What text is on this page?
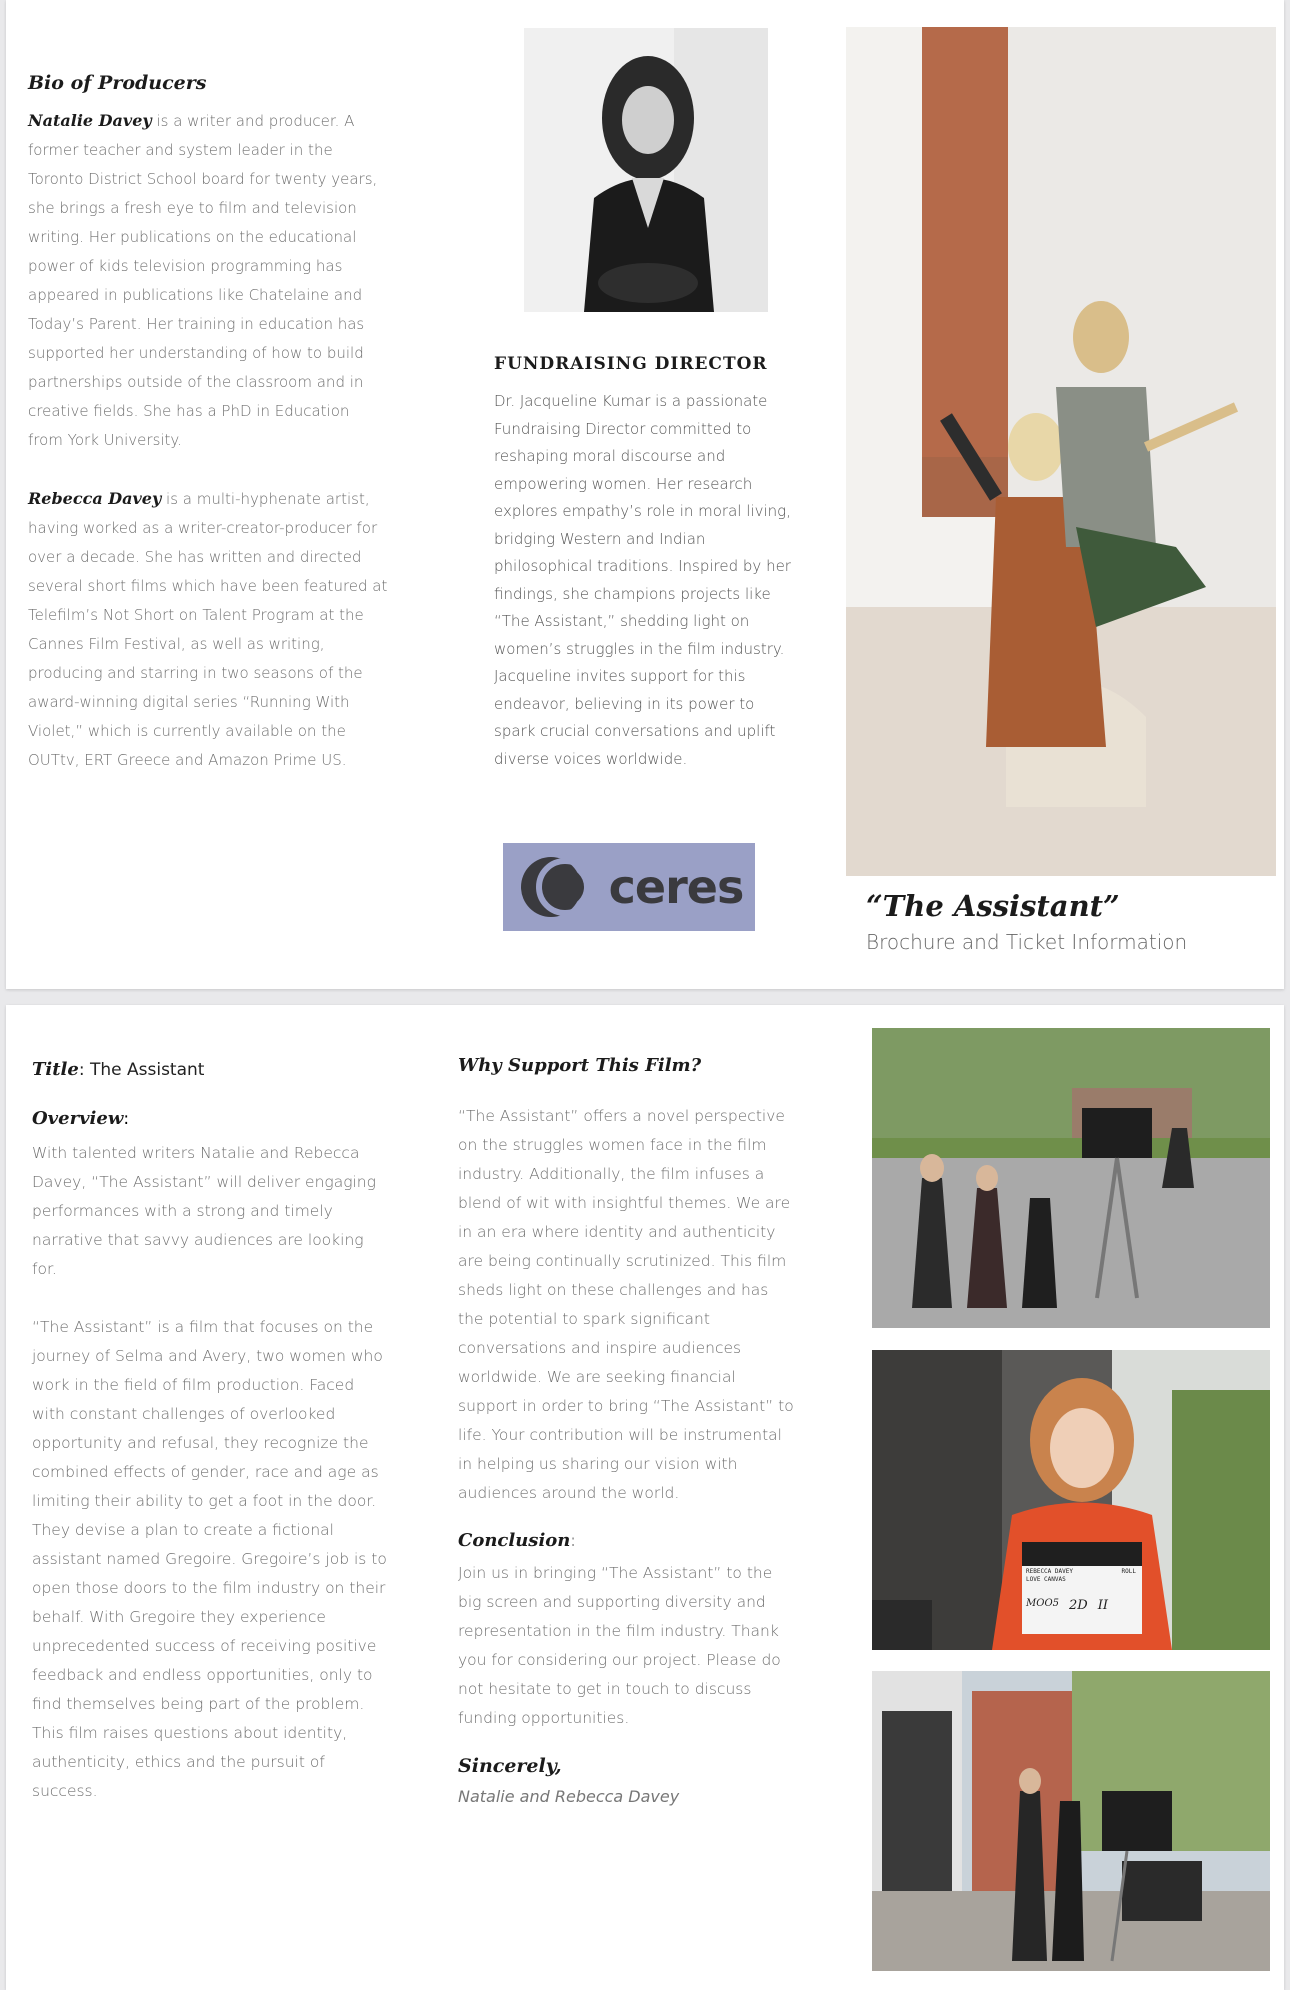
Bio of Producers
Natalie Davey is a writer and producer. A former teacher and system leader in the Toronto District School board for twenty years, she brings a fresh eye to film and television writing. Her publications on the educational power of kids television programming has appeared in publications like Chatelaine and Today’s Parent. Her training in education has supported her understanding of how to build partnerships outside of the classroom and in creative fields. She has a PhD in Education from York University.
Rebecca Davey is a multi-hyphenate artist, having worked as a writer-creator-producer for over a decade. She has written and directed several short films which have been featured at Telefilm’s Not Short on Talent Program at the Cannes Film Festival, as well as writing, producing and starring in two seasons of the award-winning digital series “Running With Violet,” which is currently available on the OUTtv, ERT Greece and Amazon Prime US.
FUNDRAISING DIRECTOR
Dr. Jacqueline Kumar is a passionate Fundraising Director committed to reshaping moral discourse and empowering women. Her research explores empathy’s role in moral living, bridging Western and Indian philosophical traditions. Inspired by her findings, she champions projects like “The Assistant,” shedding light on women’s struggles in the film industry. Jacqueline invites support for this endeavor, believing in its power to spark crucial conversations and uplift diverse voices worldwide.
ceres	“The Assistant”
Brochure and Ticket Information
Title: The Assistant
Overview:
With talented writers Natalie and Rebecca Davey, “The Assistant” will deliver engaging performances with a strong and timely narrative that savvy audiences are looking for.
“The Assistant” is a film that focuses on the journey of Selma and Avery, two women who work in the field of film production. Faced with constant challenges of overlooked opportunity and refusal, they recognize the combined effects of gender, race and age as limiting their ability to get a foot in the door. They devise a plan to create a fictional assistant named Gregoire. Gregoire’s job is to open those doors to the film industry on their behalf. With Gregoire they experience unprecedented success of receiving positive feedback and endless opportunities, only to find themselves being part of the problem. This film raises questions about identity, authenticity, ethics and the pursuit of success.
Why Support This Film?
“The Assistant” offers a novel perspective on the struggles women face in the film industry. Additionally, the film infuses a blend of wit with insightful themes. We are in an era where identity and authenticity are being continually scrutinized. This film sheds light on these challenges and has the potential to spark significant conversations and inspire audiences worldwide. We are seeking financial support in order to bring “The Assistant” to life. Your contribution will be instrumental in helping us sharing our vision with audiences around the world.
Conclusion:
Join us in bringing “The Assistant” to the big screen and supporting diversity and representation in the film industry. Thank you for considering our project. Please do not hesitate to get in touch to discuss funding opportunities.
Sincerely,
Natalie and Rebecca Davey
REBECCA DAVEY
LOVE CANVAS
ROLL
MOO5 2D II
